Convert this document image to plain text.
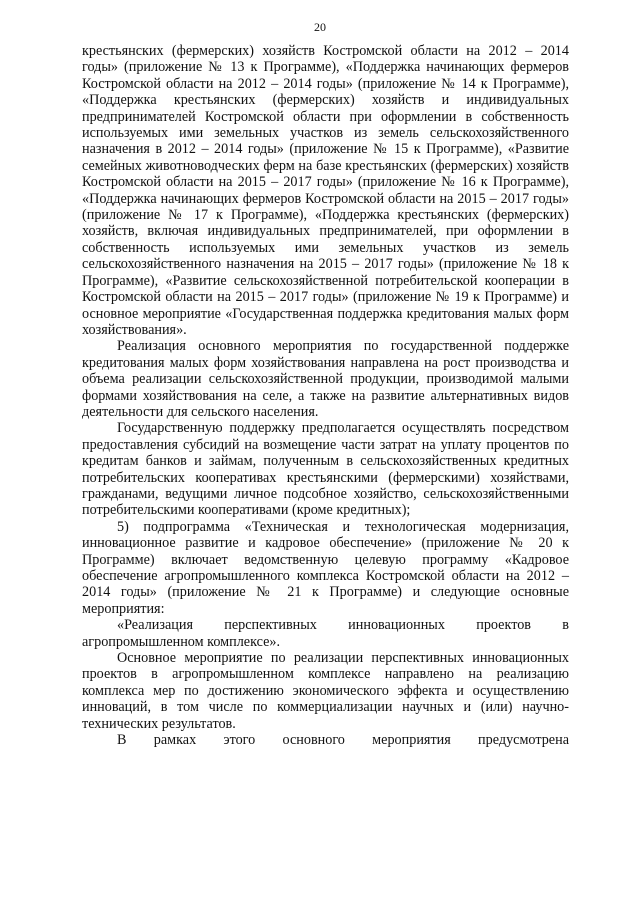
20

крестьянских (фермерских) хозяйств Костромской области на 2012 – 2014 годы» (приложение № 13 к Программе), «Поддержка начинающих фермеров Костромской области на 2012 – 2014 годы» (приложение № 14 к Программе), «Поддержка крестьянских (фермерских) хозяйств и индивидуальных предпринимателей Костромской области при оформлении в собственность используемых ими земельных участков из земель сельскохозяйственного назначения в 2012 – 2014 годы» (приложение № 15 к Программе), «Развитие семейных животноводческих ферм на базе крестьянских (фермерских) хозяйств Костромской области на 2015 – 2017 годы» (приложение № 16 к Программе), «Поддержка начинающих фермеров Костромской области на 2015 – 2017 годы» (приложение № 17 к Программе), «Поддержка крестьянских (фермерских) хозяйств, включая индивидуальных предпринимателей, при оформлении в собственность используемых ими земельных участков из земель сельскохозяйственного назначения на 2015 – 2017 годы» (приложение № 18 к Программе), «Развитие сельскохозяйственной потребительской кооперации в Костромской области на 2015 – 2017 годы» (приложение № 19 к Программе) и основное мероприятие «Государственная поддержка кредитования малых форм хозяйствования».

Реализация основного мероприятия по государственной поддержке кредитования малых форм хозяйствования направлена на рост производства и объема реализации сельскохозяйственной продукции, производимой малыми формами хозяйствования на селе, а также на развитие альтернативных видов деятельности для сельского населения.

Государственную поддержку предполагается осуществлять посредством предоставления субсидий на возмещение части затрат на уплату процентов по кредитам банков и займам, полученным в сельскохозяйственных кредитных потребительских кооперативах крестьянскими (фермерскими) хозяйствами, гражданами, ведущими личное подсобное хозяйство, сельскохозяйственными потребительскими кооперативами (кроме кредитных);

5) подпрограмма «Техническая и технологическая модернизация, инновационное развитие и кадровое обеспечение» (приложение № 20 к Программе) включает ведомственную целевую программу «Кадровое обеспечение агропромышленного комплекса Костромской области на 2012 – 2014 годы» (приложение № 21 к Программе) и следующие основные мероприятия:

«Реализация перспективных инновационных проектов в агропромышленном комплексе».

Основное мероприятие по реализации перспективных инновационных проектов в агропромышленном комплексе направлено на реализацию комплекса мер по достижению экономического эффекта и осуществлению инноваций, в том числе по коммерциализации научных и (или) научно-технических результатов.

В рамках этого основного мероприятия предусмотрена
